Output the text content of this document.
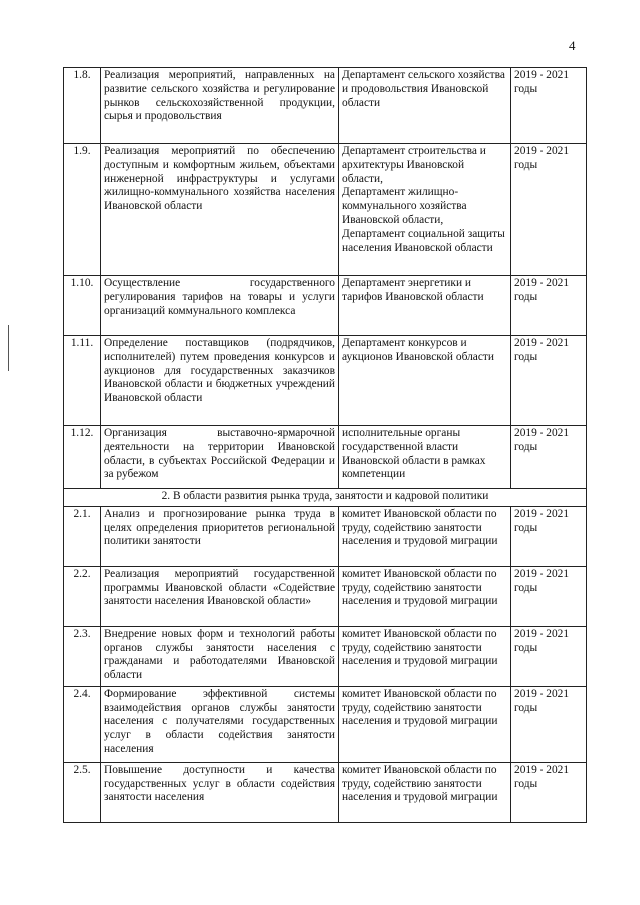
4
1.8.	Реализация мероприятий, направленных на развитие сельского хозяйства и регулирование рынков сельскохозяйственной продукции, сырья и продовольствия	Департамент сельского хозяйства и продовольствия Ивановской области	2019 - 2021 годы
1.9.	Реализация мероприятий по обеспечению доступным и комфортным жильем, объектами инженерной инфраструктуры и услугами жилищно-коммунального хозяйства населения Ивановской области	Департамент строительства и архитектуры Ивановской области,
Департамент жилищно-коммунального хозяйства Ивановской области,
Департамент социальной защиты населения Ивановской области	2019 - 2021 годы
1.10.	Осуществление государственного регулирования тарифов на товары и услуги организаций коммунального комплекса	Департамент энергетики и тарифов Ивановской области	2019 - 2021 годы
1.11.	Определение поставщиков (подрядчиков, исполнителей) путем проведения конкурсов и аукционов для государственных заказчиков Ивановской области и бюджетных учреждений Ивановской области	Департамент конкурсов и аукционов Ивановской области	2019 - 2021 годы
1.12.	Организация выставочно-ярмарочной деятельности на территории Ивановской области, в субъектах Российской Федерации и за рубежом	исполнительные органы государственной власти Ивановской области в рамках компетенции	2019 - 2021 годы
2. В области развития рынка труда, занятости и кадровой политики			
2.1.	Анализ и прогнозирование рынка труда в целях определения приоритетов региональной политики занятости	комитет Ивановской области по труду, содействию занятости населения и трудовой миграции	2019 - 2021 годы
2.2.	Реализация мероприятий государственной программы Ивановской области «Содействие занятости населения Ивановской области»	комитет Ивановской области по труду, содействию занятости населения и трудовой миграции	2019 - 2021 годы
2.3.	Внедрение новых форм и технологий работы органов службы занятости населения с гражданами и работодателями Ивановской области	комитет Ивановской области по труду, содействию занятости населения и трудовой миграции	2019 - 2021 годы
2.4.	Формирование эффективной системы взаимодействия органов службы занятости населения с получателями государственных услуг в области содействия занятости населения	комитет Ивановской области по труду, содействию занятости населения и трудовой миграции	2019 - 2021 годы
2.5.	Повышение доступности и качества государственных услуг в области содействия занятости населения	комитет Ивановской области по труду, содействию занятости населения и трудовой миграции	2019 - 2021 годы
